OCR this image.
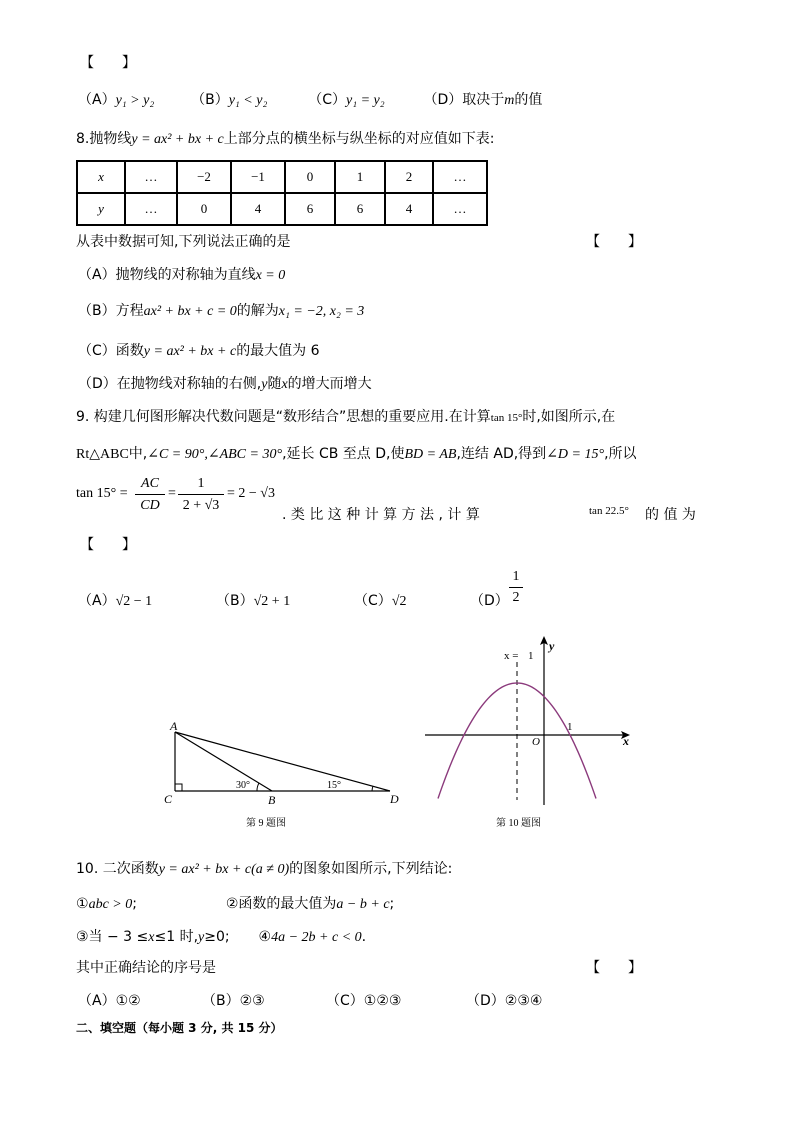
【　　】
（A）y₁ > y₂	（B）y₁ < y₂	（C）y₁ = y₂	（D）取决于m的值
8.抛物线y = ax² + bx + c上部分点的横坐标与纵坐标的对应值如下表:
x	…	−2	−1	0	1	2	…
y	…	0	4	6	6	4	…
从表中数据可知,下列说法正确的是	【　　】
（A）抛物线的对称轴为直线x = 0
（B）方程ax² + bx + c = 0的解为x₁ = −2, x₂ = 3
（C）函数y = ax² + bx + c的最大值为 6
（D）在抛物线对称轴的右侧,y随x的增大而增大
9. 构建几何图形解决代数问题是“数形结合”思想的重要应用.在计算tan 15°时,如图所示,在
Rt△ABC中,∠C = 90°,∠ABC = 30°,延长 CB 至点 D,使BD = AB,连结 AD,得到∠D = 15°,所以
tan 15° =
AC
CD
=
1
2 + √3
= 2 − √3
. 类 比 这 种 计 算 方 法 , 计 算	tan 22.5° 的 值 为
【　　】
（A）√2 − 1	（B）√2 + 1	（C）√2	（D）
1
2
A
C	B	D
30°	15°
第 9 题图
y
x
O
1
x = 1
第 10 题图
10. 二次函数y = ax² + bx + c(a ≠ 0)的图象如图所示,下列结论:
①abc > 0;	②函数的最大值为a − b + c;
③当 − 3 ≤x≤1 时,y≥0; ④4a − 2b + c < 0.
其中正确结论的序号是	【　　】
（A）①②	（B）②③	（C）①②③	（D）②③④
二、填空题（每小题 3 分, 共 15 分）
